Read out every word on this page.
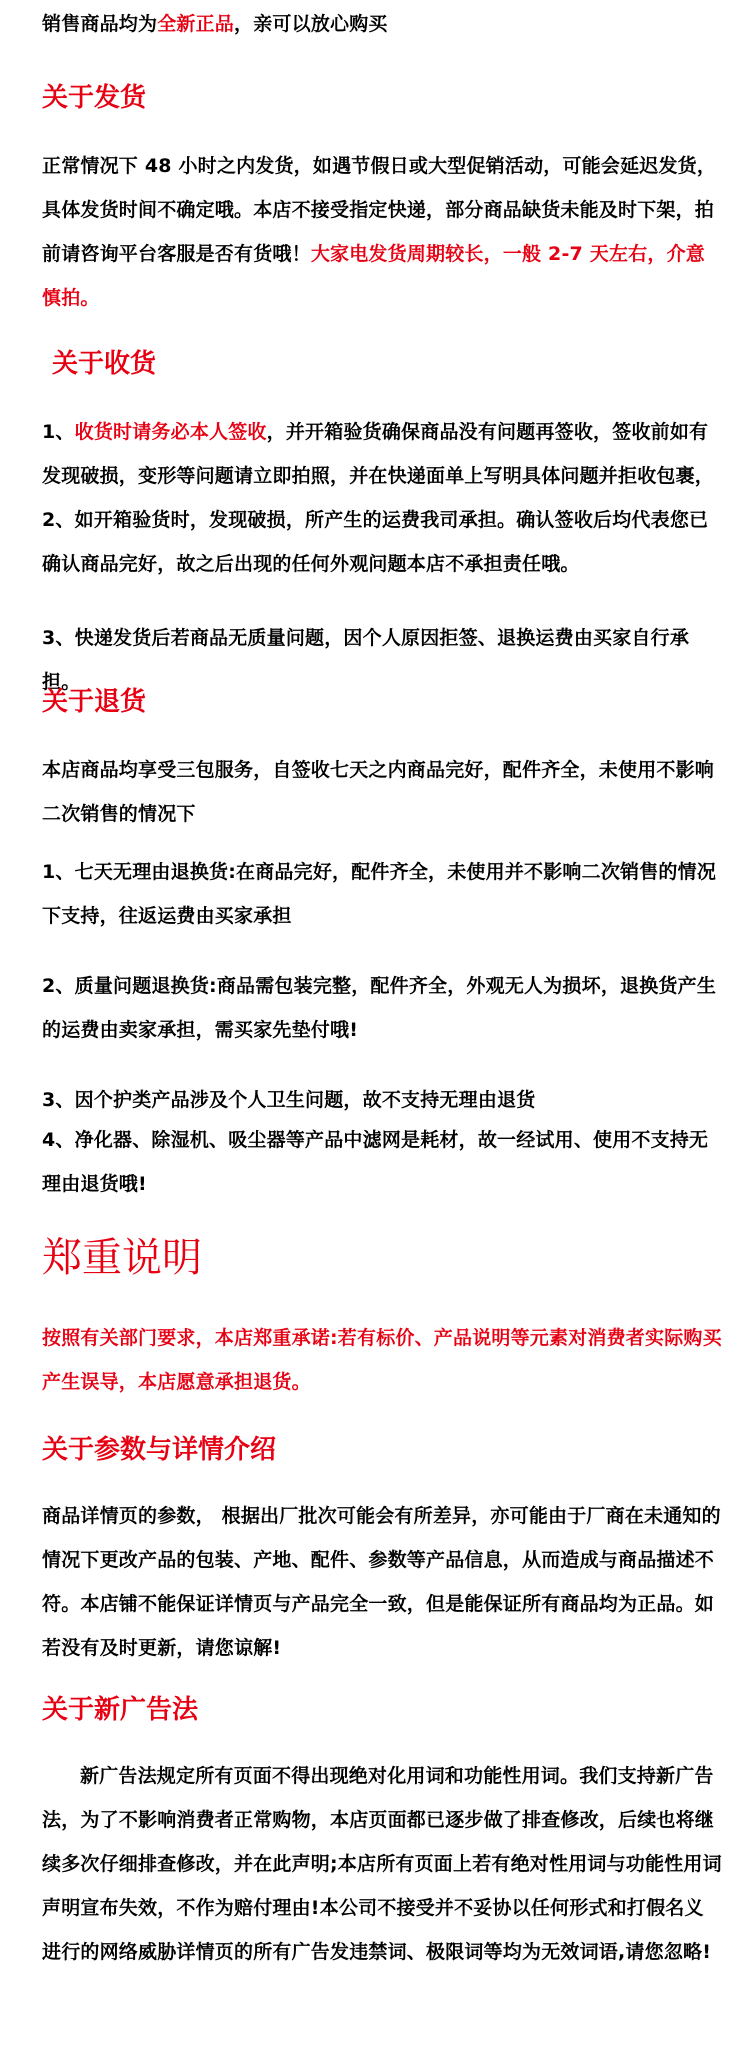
销售商品均为全新正品，亲可以放心购买
关于发货
正常情况下 48 小时之内发货，如遇节假日或大型促销活动，可能会延迟发货，具体发货时间不确定哦。本店不接受指定快递，部分商品缺货未能及时下架，拍前请咨询平台客服是否有货哦！大家电发货周期较长，一般 2-7 天左右，介意慎拍。
关于收货
1、收货时请务必本人签收，并开箱验货确保商品没有问题再签收，签收前如有发现破损，变形等问题请立即拍照，并在快递面单上写明具体问题并拒收包裹，
2、如开箱验货时，发现破损，所产生的运费我司承担。确认签收后均代表您已确认商品完好，故之后出现的任何外观问题本店不承担责任哦。
3、快递发货后若商品无质量问题，因个人原因拒签、退换运费由买家自行承担。
关于退货
本店商品均享受三包服务，自签收七天之内商品完好，配件齐全，未使用不影响二次销售的情况下
1、七天无理由退换货:在商品完好，配件齐全，未使用并不影响二次销售的情况下支持，往返运费由买家承担
2、质量问题退换货:商品需包装完整，配件齐全，外观无人为损坏，退换货产生的运费由卖家承担，需买家先垫付哦!
3、因个护类产品涉及个人卫生问题，故不支持无理由退货
4、净化器、除湿机、吸尘器等产品中滤网是耗材，故一经试用、使用不支持无理由退货哦!
郑重说明
按照有关部门要求，本店郑重承诺:若有标价、产品说明等元素对消费者实际购买产生误导，本店愿意承担退货。
关于参数与详情介绍
商品详情页的参数， 根据出厂批次可能会有所差异，亦可能由于厂商在未通知的情况下更改产品的包装、产地、配件、参数等产品信息，从而造成与商品描述不符。本店铺不能保证详情页与产品完全一致，但是能保证所有商品均为正品。如若没有及时更新，请您谅解!
关于新广告法
新广告法规定所有页面不得出现绝对化用词和功能性用词。我们支持新广告法，为了不影响消费者正常购物，本店页面都已逐步做了排查修改，后续也将继续多次仔细排查修改，并在此声明;本店所有页面上若有绝对性用词与功能性用词声明宣布失效，不作为赔付理由!本公司不接受并不妥协以任何形式和打假名义进行的网络威胁详情页的所有广告发违禁词、极限词等均为无效词语,请您忽略!
